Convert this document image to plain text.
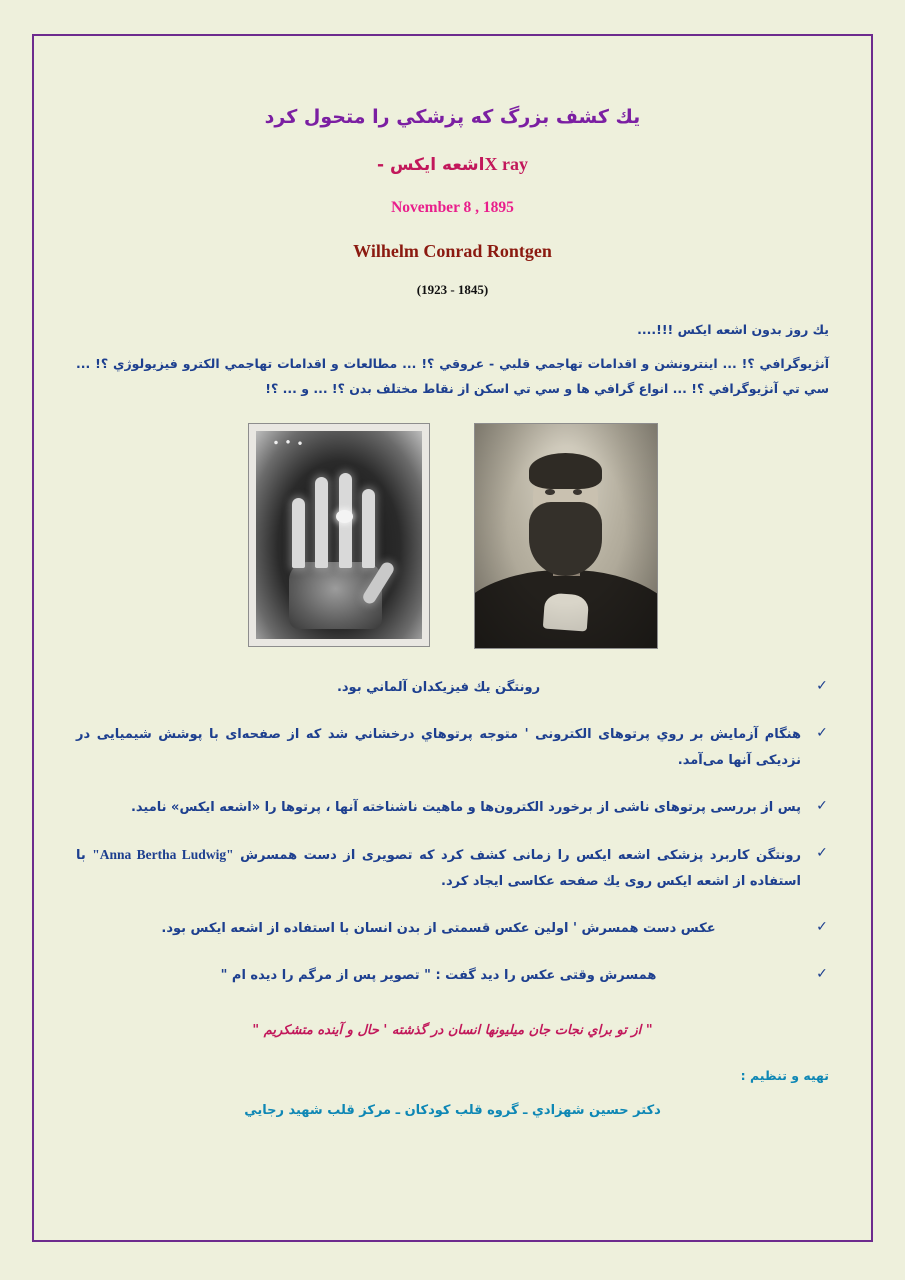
يك كشف بزرگ كه پزشكي را متحول كرد
X rayاشعه ايكس -
November 8 , 1895
Wilhelm Conrad Rontgen
(1845 - 1923)
يك روز بدون اشعه ايكس !!!....
آنژيوگرافي ؟! ... اينترونشن و اقدامات تهاجمي قلبي - عروقي ؟! ... مطالعات و اقدامات تهاجمي الكترو فيزيولوژي ؟! ... سي تي آنژيوگرافي ؟! ... انواع گرافي ها و سي تي اسكن از نقاط مختلف بدن ؟! ... و ... ؟!
✓
رونتگن يك فيزيكدان آلماني بود.
✓
هنگام آزمايش بر روي پرتوهاى الكترونى ' متوجه پرتوهاي درخشاني شد كه از صفحه‌اى با پوشش شيميايى در نزديكى آنها مى‌آمد.
✓
پس از بررسى پرتوهاى ناشى از برخورد الكترون‌ها و ماهيت ناشناخته آنها ، پرتوها را «اشعه ايكس» ناميد.
✓
رونتگن كاربرد پزشكى اشعه ايكس را زمانى كشف كرد كه تصويرى از دست همسرش "Anna Bertha Ludwig" با استفاده از اشعه ايكس روى يك صفحه عكاسى ايجاد كرد.
✓
عكس دست همسرش ' اولين عكس قسمتى از بدن انسان با استفاده از اشعه ايكس بود.
✓
همسرش وقتى عكس را ديد گفت : " تصوير پس از مرگم را ديده ام "
" از تو براي نجات جان ميليونها انسان در گذشته ' حال و آينده متشكريم "
تهيه و تنظيم :
دكتر حسين شهزادي ـ گروه قلب كودكان ـ مركز قلب شهيد رجايي
